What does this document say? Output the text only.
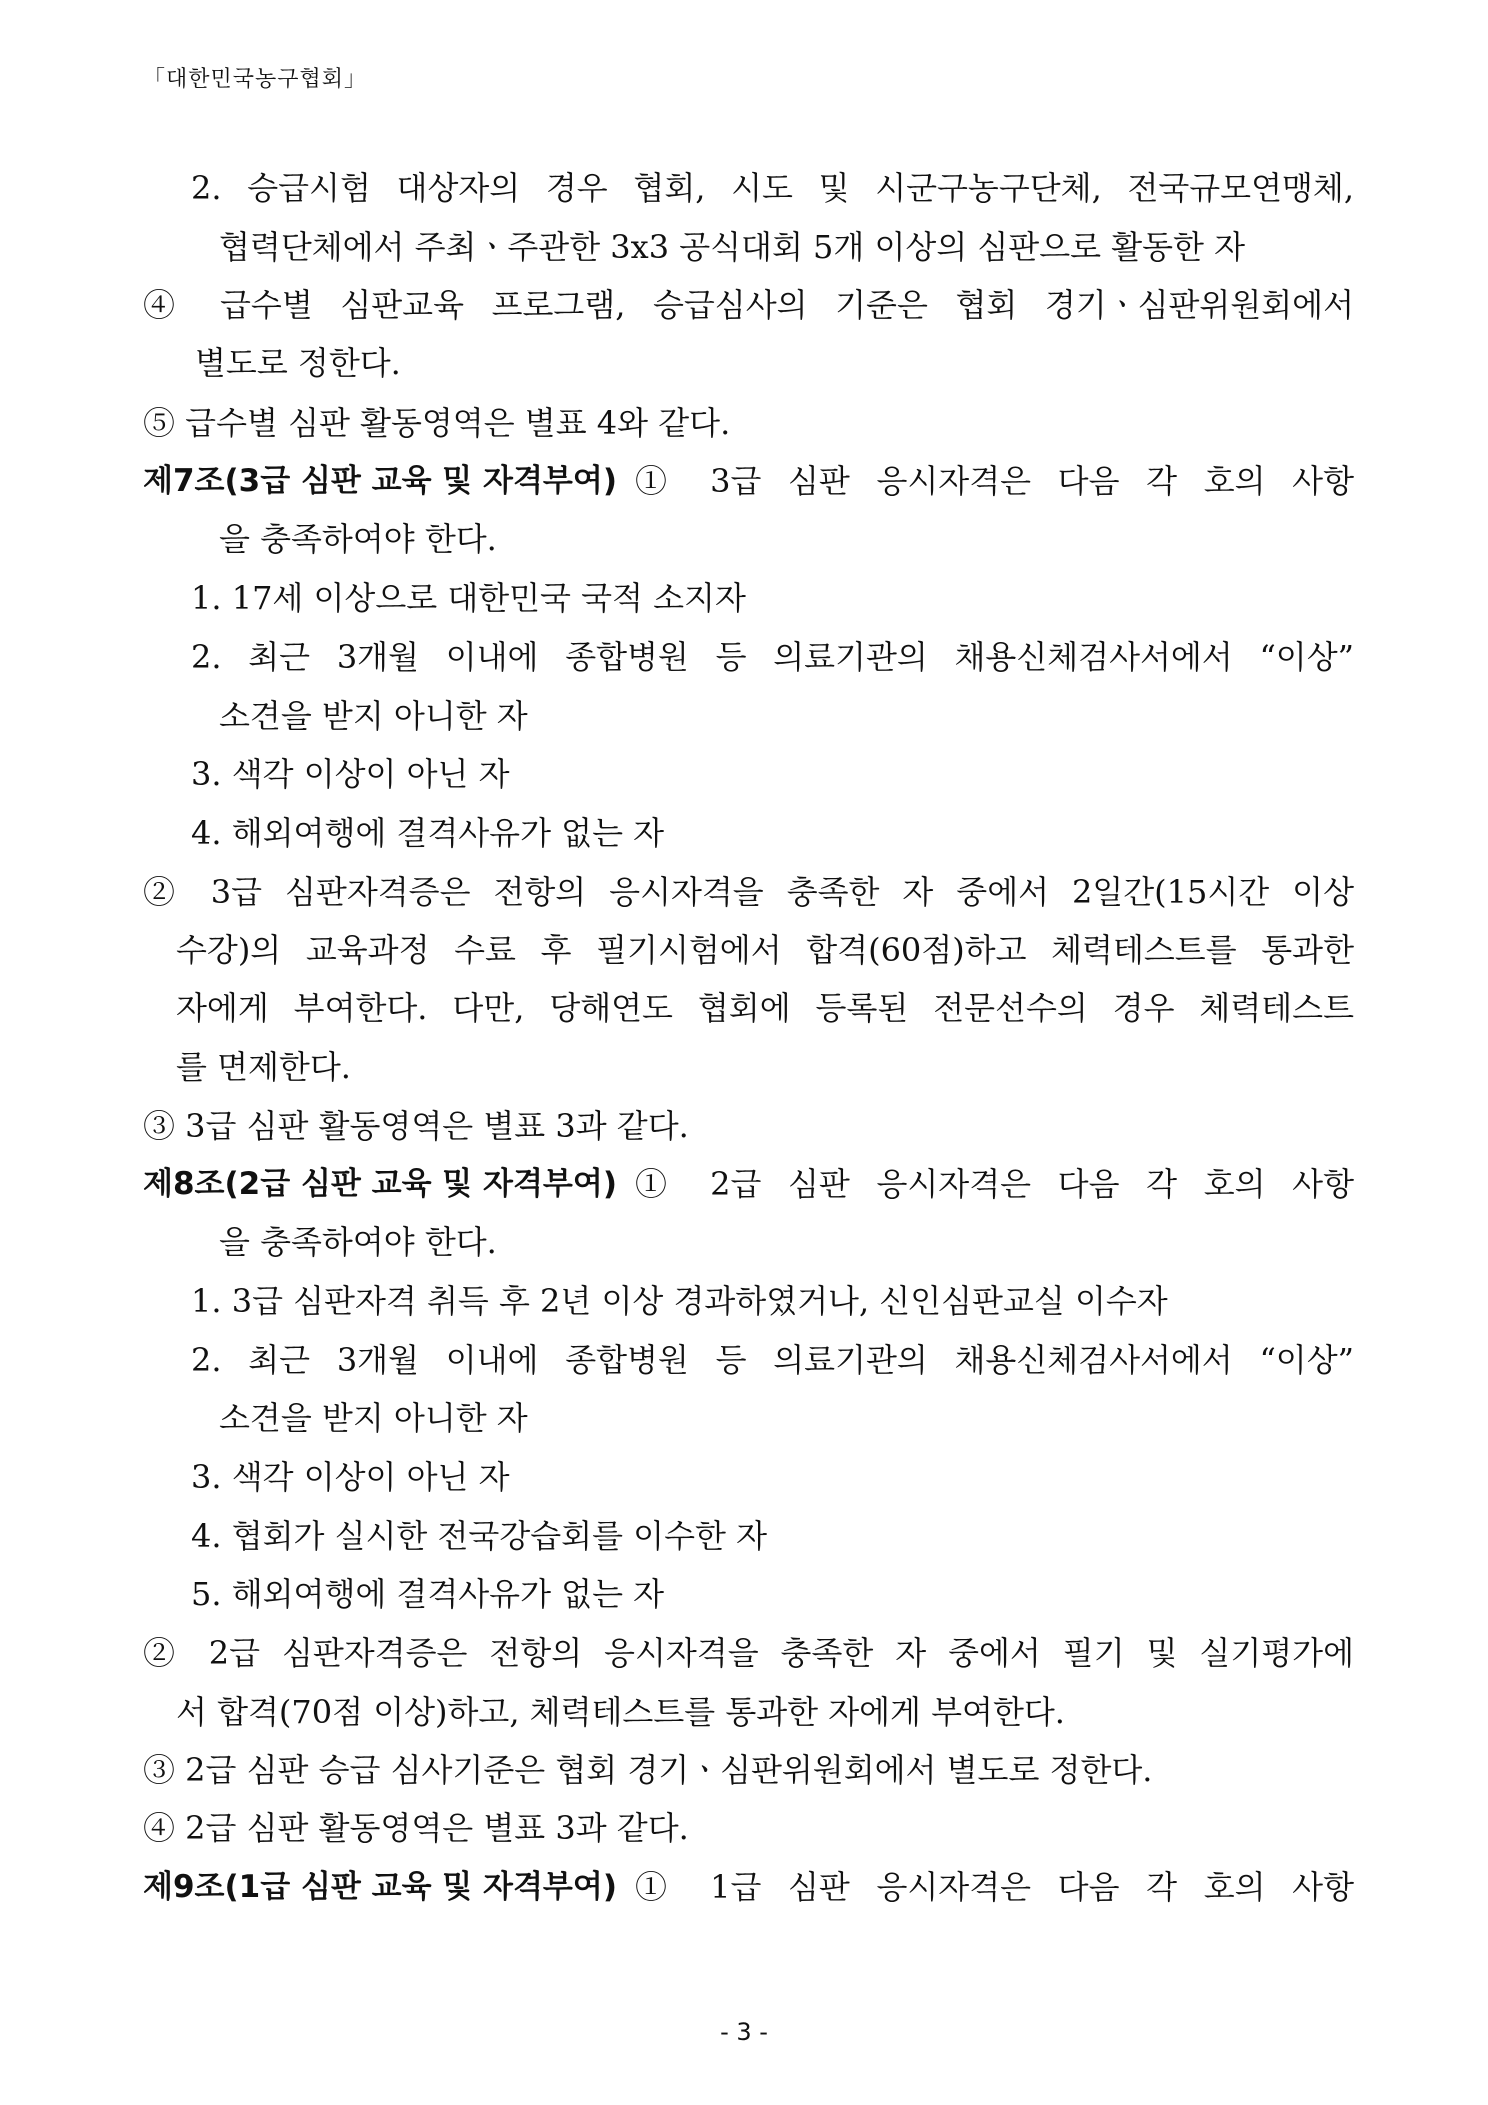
「대한민국농구협회」
2. 승급시험 대상자의 경우 협회, 시도 및 시군구농구단체, 전국규모연맹체,
협력단체에서 주최ㆍ주관한 3x3 공식대회 5개 이상의 심판으로 활동한 자
④ 급수별 심판교육 프로그램, 승급심사의 기준은 협회 경기ㆍ심판위원회에서
별도로 정한다.
⑤ 급수별 심판 활동영역은 별표 4와 같다.
제7조(3급 심판 교육 및 자격부여) ① 3급 심판 응시자격은 다음 각 호의 사항
을 충족하여야 한다.
1. 17세 이상으로 대한민국 국적 소지자
2. 최근 3개월 이내에 종합병원 등 의료기관의 채용신체검사서에서 “이상”
소견을 받지 아니한 자
3. 색각 이상이 아닌 자
4. 해외여행에 결격사유가 없는 자
② 3급 심판자격증은 전항의 응시자격을 충족한 자 중에서 2일간(15시간 이상
수강)의 교육과정 수료 후 필기시험에서 합격(60점)하고 체력테스트를 통과한
자에게 부여한다. 다만, 당해연도 협회에 등록된 전문선수의 경우 체력테스트
를 면제한다.
③ 3급 심판 활동영역은 별표 3과 같다.
제8조(2급 심판 교육 및 자격부여) ① 2급 심판 응시자격은 다음 각 호의 사항
을 충족하여야 한다.
1. 3급 심판자격 취득 후 2년 이상 경과하였거나, 신인심판교실 이수자
2. 최근 3개월 이내에 종합병원 등 의료기관의 채용신체검사서에서 “이상”
소견을 받지 아니한 자
3. 색각 이상이 아닌 자
4. 협회가 실시한 전국강습회를 이수한 자
5. 해외여행에 결격사유가 없는 자
② 2급 심판자격증은 전항의 응시자격을 충족한 자 중에서 필기 및 실기평가에
서 합격(70점 이상)하고, 체력테스트를 통과한 자에게 부여한다.
③ 2급 심판 승급 심사기준은 협회 경기ㆍ심판위원회에서 별도로 정한다.
④ 2급 심판 활동영역은 별표 3과 같다.
제9조(1급 심판 교육 및 자격부여) ① 1급 심판 응시자격은 다음 각 호의 사항
- 3 -
